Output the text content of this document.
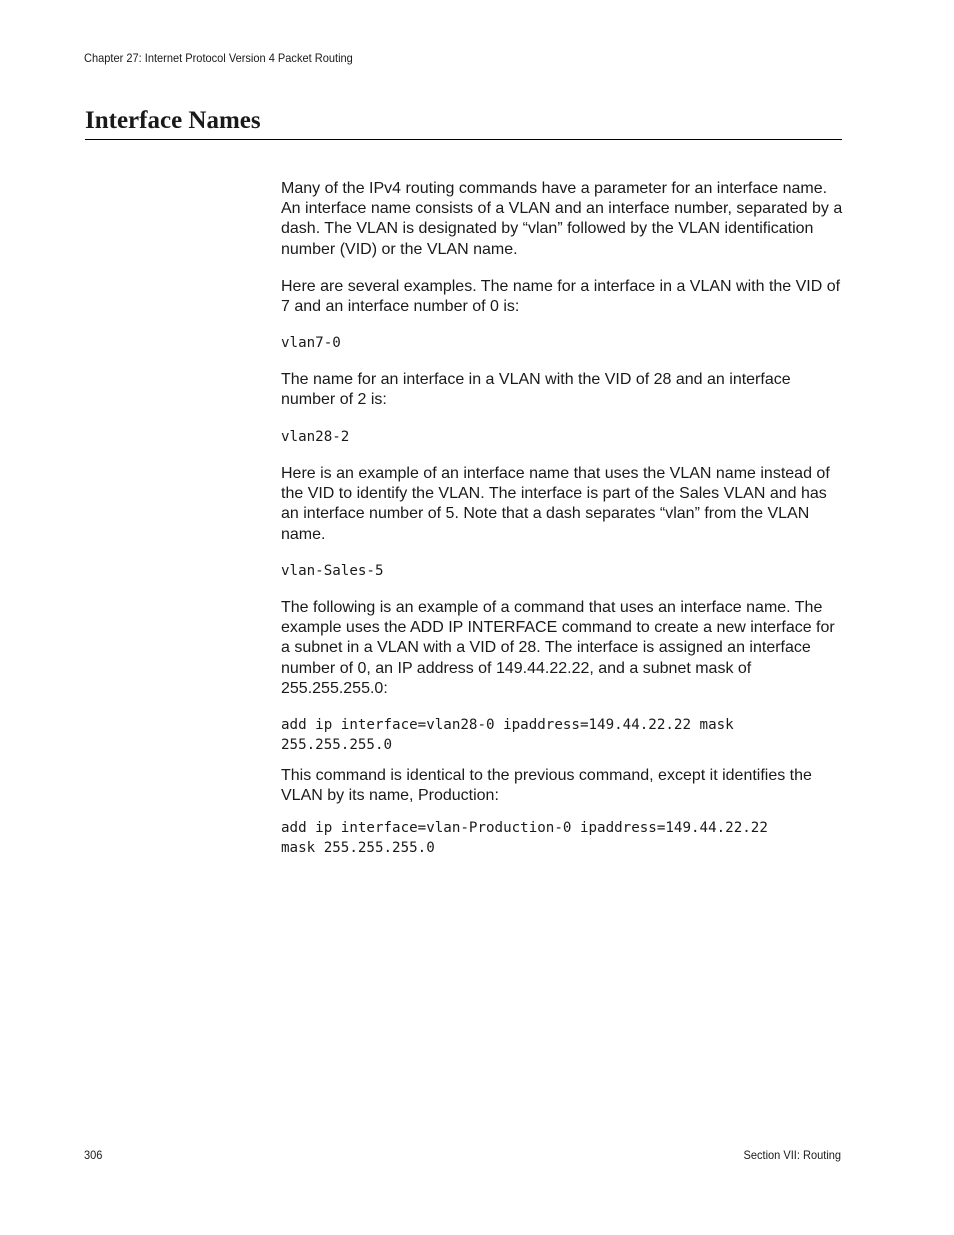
Chapter 27: Internet Protocol Version 4 Packet Routing
Interface Names

Many of the IPv4 routing commands have a parameter for an interface name. An interface name consists of a VLAN and an interface number, separated by a dash. The VLAN is designated by “vlan” followed by the VLAN identification number (VID) or the VLAN name.

Here are several examples. The name for a interface in a VLAN with the VID of 7 and an interface number of 0 is:

vlan7-0

The name for an interface in a VLAN with the VID of 28 and an interface number of 2 is:

vlan28-2

Here is an example of an interface name that uses the VLAN name instead of the VID to identify the VLAN. The interface is part of the Sales VLAN and has an interface number of 5. Note that a dash separates “vlan” from the VLAN name.

vlan-Sales-5

The following is an example of a command that uses an interface name. The example uses the ADD IP INTERFACE command to create a new interface for a subnet in a VLAN with a VID of 28. The interface is assigned an interface number of 0, an IP address of 149.44.22.22, and a subnet mask of 255.255.255.0:

add ip interface=vlan28-0 ipaddress=149.44.22.22 mask
255.255.255.0

This command is identical to the previous command, except it identifies the VLAN by its name, Production:

add ip interface=vlan-Production-0 ipaddress=149.44.22.22
mask 255.255.255.0
306	Section VII: Routing
